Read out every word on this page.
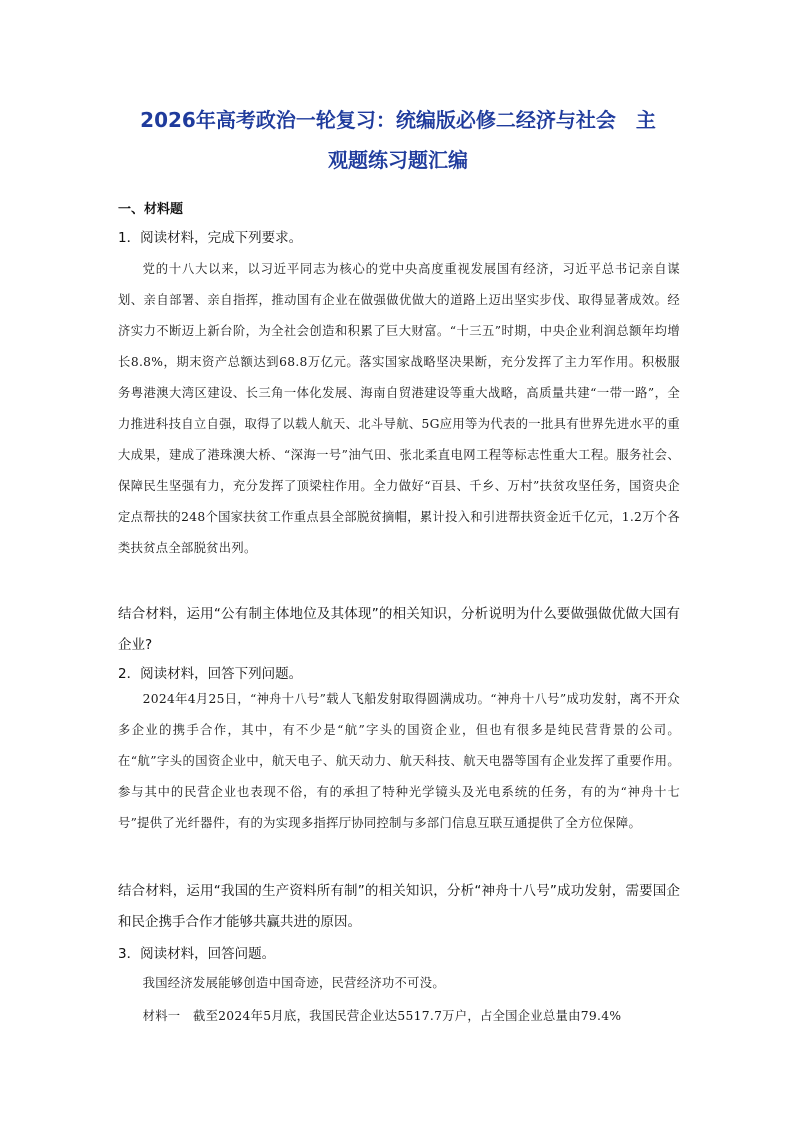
2026年高考政治一轮复习：统编版必修二经济与社会　主
观题练习题汇编

一、材料题

1．阅读材料，完成下列要求。

党的十八大以来，以习近平同志为核心的党中央高度重视发展国有经济，习近平总书记亲自谋划、亲自部署、亲自指挥，推动国有企业在做强做优做大的道路上迈出坚实步伐、取得显著成效。经济实力不断迈上新台阶，为全社会创造和积累了巨大财富。“十三五”时期，中央企业利润总额年均增长8.8%，期末资产总额达到68.8万亿元。落实国家战略坚决果断，充分发挥了主力军作用。积极服务粤港澳大湾区建设、长三角一体化发展、海南自贸港建设等重大战略，高质量共建“一带一路”，全力推进科技自立自强，取得了以载人航天、北斗导航、5G应用等为代表的一批具有世界先进水平的重大成果，建成了港珠澳大桥、“深海一号”油气田、张北柔直电网工程等标志性重大工程。服务社会、保障民生坚强有力，充分发挥了顶梁柱作用。全力做好“百县、千乡、万村”扶贫攻坚任务，国资央企定点帮扶的248个国家扶贫工作重点县全部脱贫摘帽，累计投入和引进帮扶资金近千亿元，1.2万个各类扶贫点全部脱贫出列。

结合材料，运用“公有制主体地位及其体现”的相关知识，分析说明为什么要做强做优做大国有企业?

2．阅读材料，回答下列问题。

2024年4月25日，“神舟十八号”载人飞船发射取得圆满成功。“神舟十八号”成功发射，离不开众多企业的携手合作，其中，有不少是“航”字头的国资企业，但也有很多是纯民营背景的公司。在“航”字头的国资企业中，航天电子、航天动力、航天科技、航天电器等国有企业发挥了重要作用。参与其中的民营企业也表现不俗，有的承担了特种光学镜头及光电系统的任务，有的为“神舟十七号”提供了光纤器件，有的为实现多指挥厅协同控制与多部门信息互联互通提供了全方位保障。

结合材料，运用“我国的生产资料所有制”的相关知识，分析“神舟十八号”成功发射，需要国企和民企携手合作才能够共赢共进的原因。

3．阅读材料，回答问题。

我国经济发展能够创造中国奇迹，民营经济功不可没。

材料一　截至2024年5月底，我国民营企业达5517.7万户，占全国企业总量由79.4%
